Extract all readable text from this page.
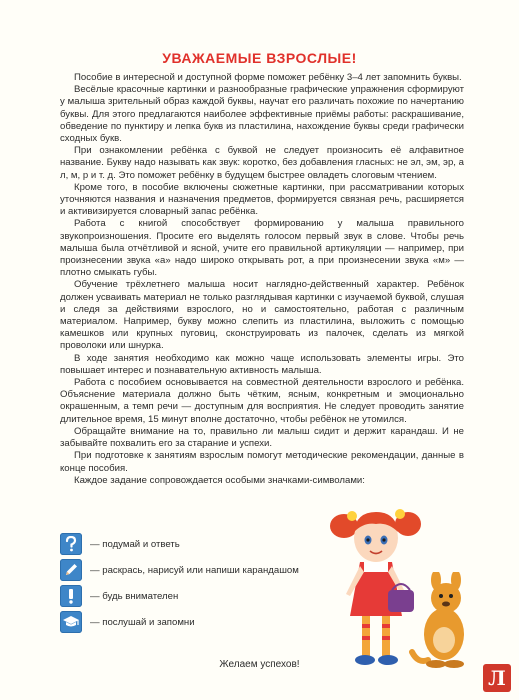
УВАЖАЕМЫЕ ВЗРОСЛЫЕ!

Пособие в интересной и доступной форме поможет ребёнку 3–4 лет запомнить буквы.

Весёлые красочные картинки и разнообразные графические упражнения сформируют у малыша зрительный образ каждой буквы, научат его различать похожие по начертанию буквы. Для этого предлагаются наиболее эффективные приёмы работы: раскрашивание, обведение по пунктиру и лепка букв из пластилина, нахождение буквы среди графически сходных букв.

При ознакомлении ребёнка с буквой не следует произносить её алфавитное название. Букву надо называть как звук: коротко, без добавления гласных: не эл, эм, эр, а л, м, р и т. д. Это поможет ребёнку в будущем быстрее овладеть слоговым чтением.

Кроме того, в пособие включены сюжетные картинки, при рассматривании которых уточняются названия и назначения предметов, формируется связная речь, расширяется и активизируется словарный запас ребёнка.

Работа с книгой способствует формированию у малыша правильного звукопроизношения. Просите его выделять голосом первый звук в слове. Чтобы речь малыша была отчётливой и ясной, учите его правильной артикуляции — например, при произнесении звука «а» надо широко открывать рот, а при произнесении звука «м» — плотно смыкать губы.

Обучение трёхлетнего малыша носит наглядно-действенный характер. Ребёнок должен усваивать материал не только разглядывая картинки с изучаемой буквой, слушая и следя за действиями взрослого, но и самостоятельно, работая с различным материалом. Например, букву можно слепить из пластилина, выложить с помощью камешков или крупных пуговиц, сконструировать из палочек, сделать из мягкой проволоки или шнурка.

В ходе занятия необходимо как можно чаще использовать элементы игры. Это повышает интерес и познавательную активность малыша.

Работа с пособием основывается на совместной деятельности взрослого и ребёнка. Объяснение материала должно быть чётким, ясным, конкретным и эмоционально окрашенным, а темп речи — доступным для восприятия. Не следует проводить занятие длительное время, 15 минут вполне достаточно, чтобы ребёнок не утомился.

Обращайте внимание на то, правильно ли малыш сидит и держит карандаш. И не забывайте похвалить его за старание и успехи.

При подготовке к занятиям взрослым помогут методические рекомендации, данные в конце пособия.

Каждое задание сопровождается особыми значками-символами:

— подумай и ответь
— раскрась, нарисуй или напиши карандашом
— будь внимателен
— послушай и запомни
Желаем успехов!
Л
